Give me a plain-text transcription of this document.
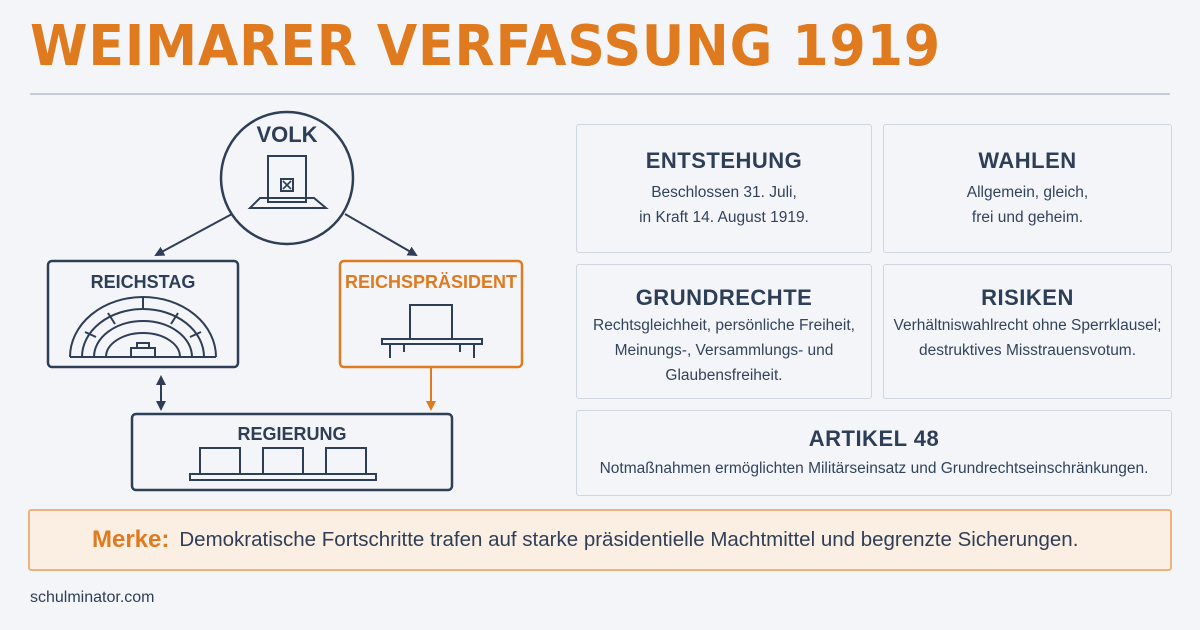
WEIMARER VERFASSUNG 1919
VOLK
REICHSTAG	REICHSPRÄSIDENT
REGIERUNG
ENTSTEHUNG
Beschlossen 31. Juli,
in Kraft 14. August 1919.
WAHLEN
Allgemein, gleich,
frei und geheim.
GRUNDRECHTE
Rechtsgleichheit, persönliche Freiheit,
Meinungs-, Versammlungs- und
Glaubensfreiheit.
RISIKEN
Verhältniswahlrecht ohne Sperrklausel;
destruktives Misstrauensvotum.
ARTIKEL 48
Notmaßnahmen ermöglichten Militärseinsatz und Grundrechtseinschränkungen.
Merke: Demokratische Fortschritte trafen auf starke präsidentielle Machtmittel und begrenzte Sicherungen.
schulminator.com
